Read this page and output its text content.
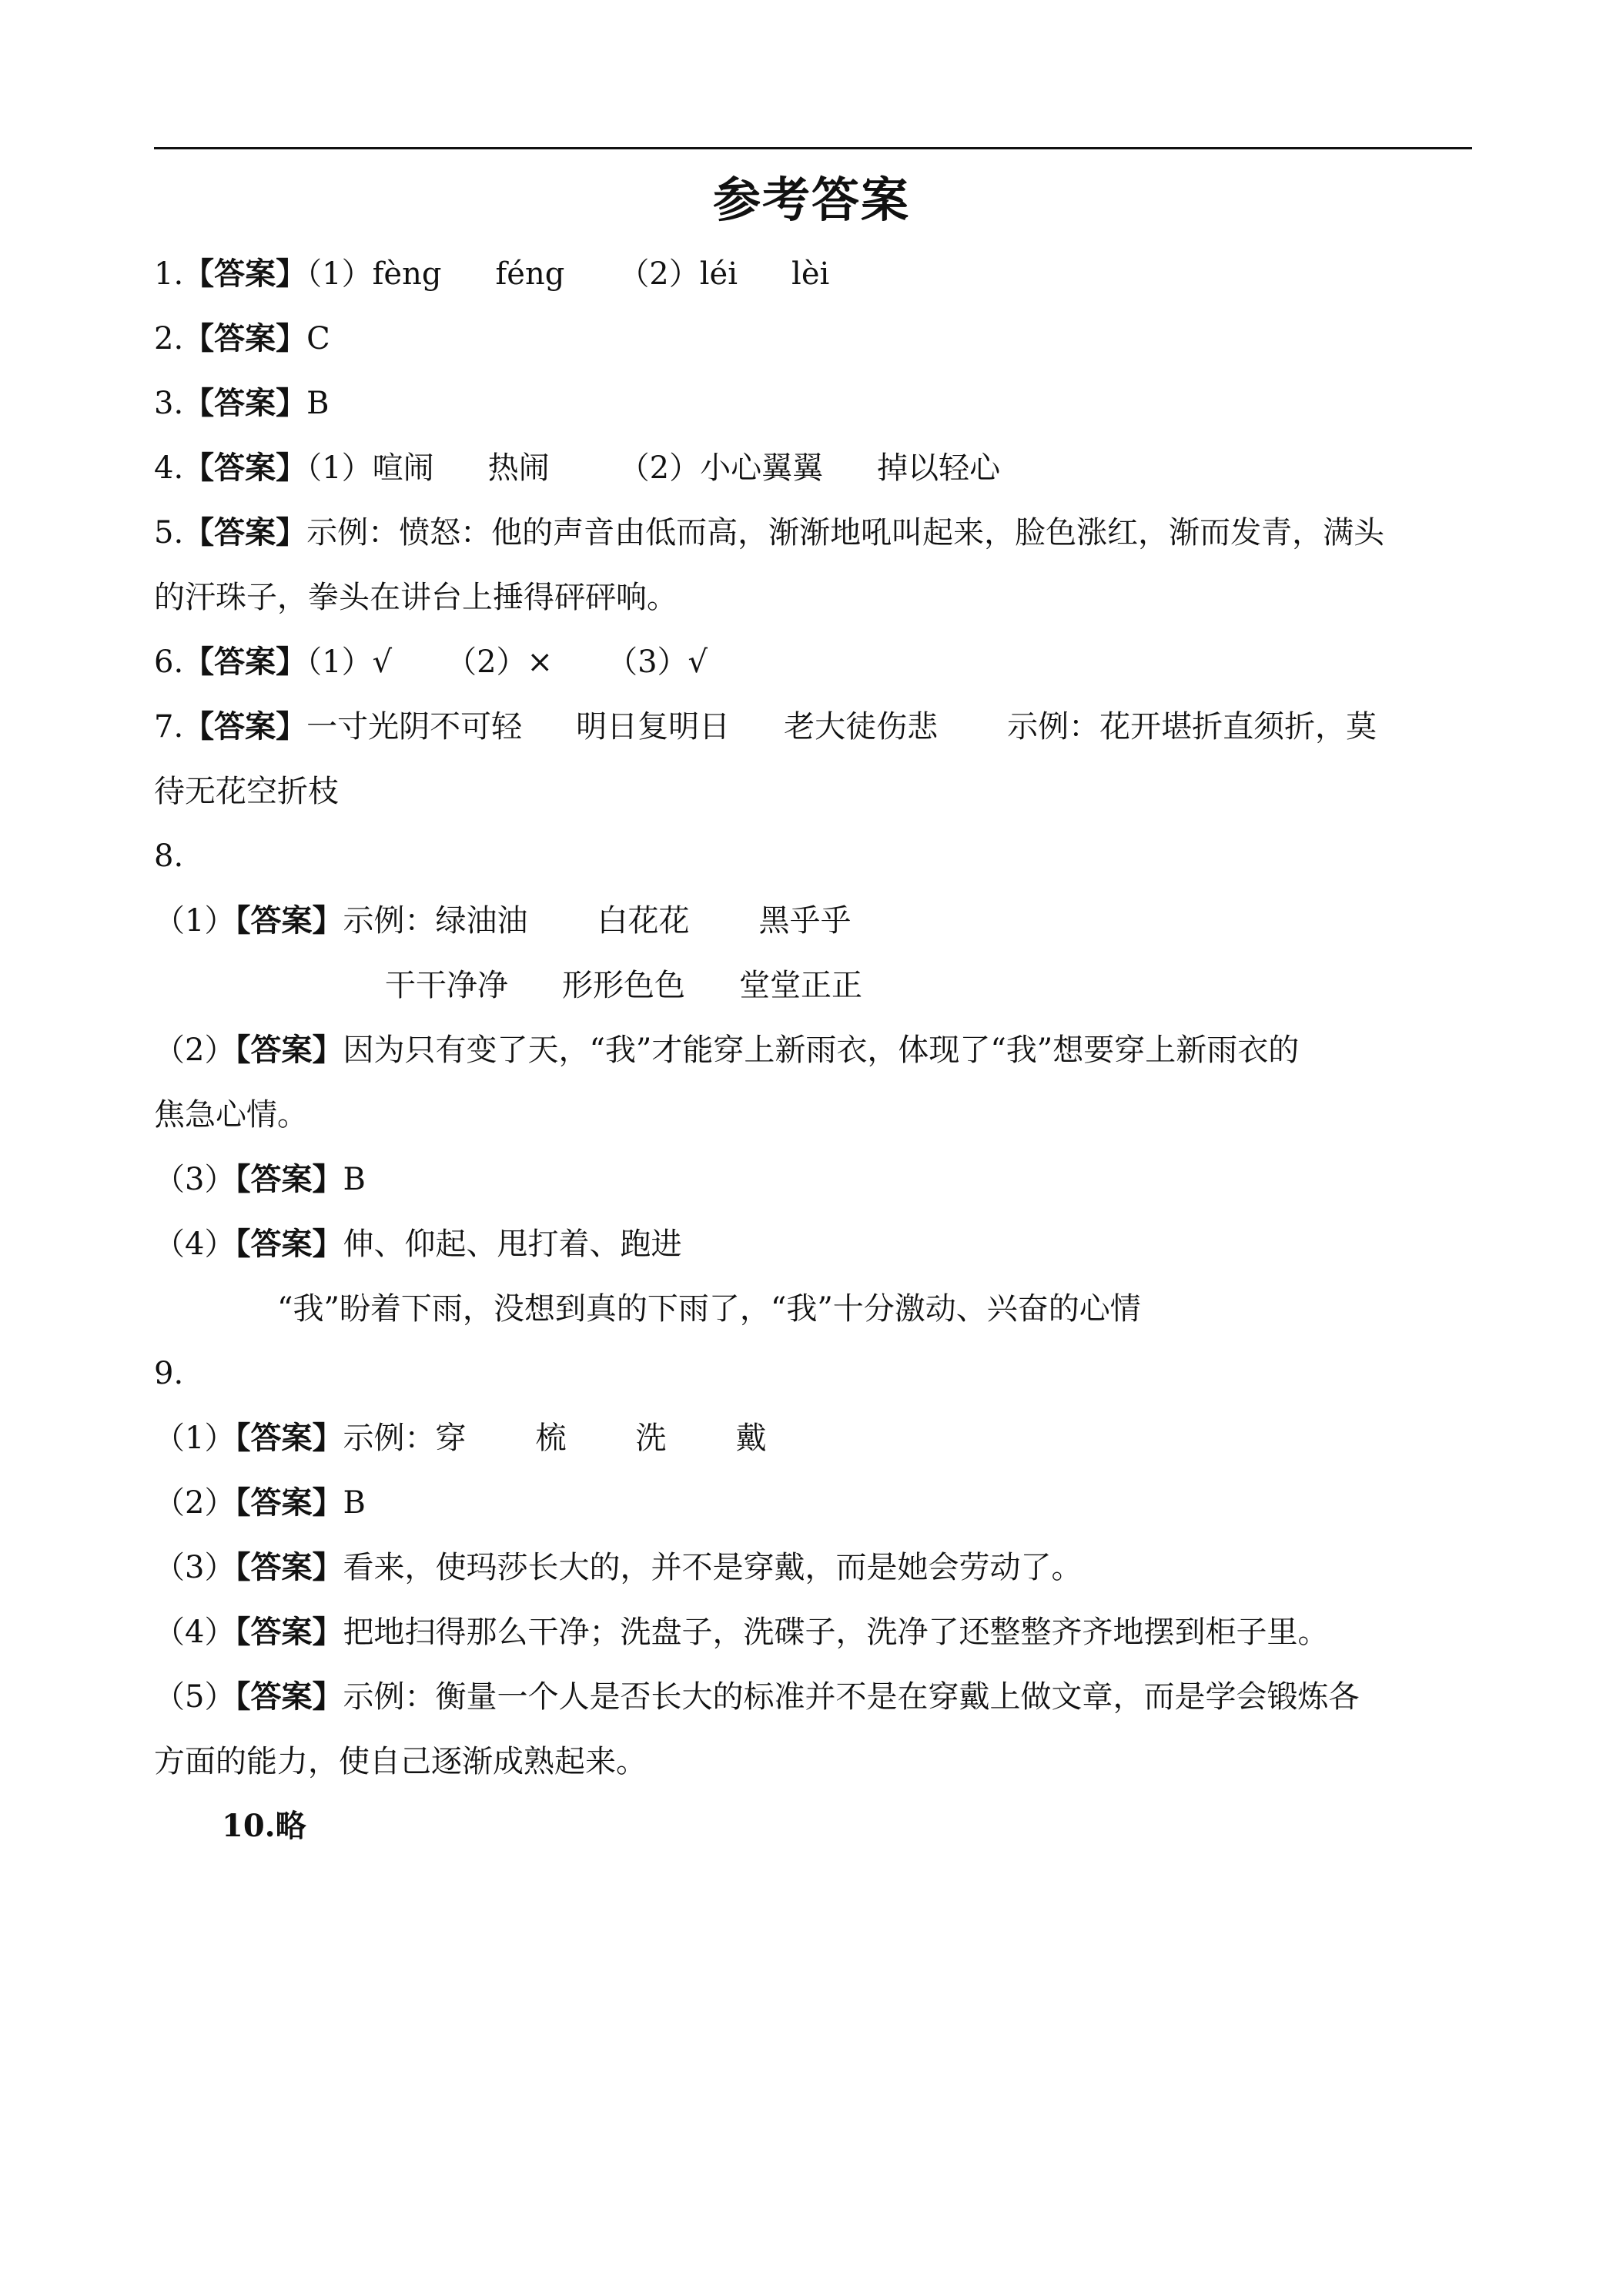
参考答案
1.【答案】（1）fèng féng （2）léi lèi
2.【答案】C
3.【答案】B
4.【答案】（1）喧闹 热闹 （2）小心翼翼 掉以轻心
5.【答案】示例：愤怒：他的声音由低而高，渐渐地吼叫起来，脸色涨红，渐而发青，满头
的汗珠子，拳头在讲台上捶得砰砰响。
6.【答案】（1）√ （2）× （3）√
7.【答案】一寸光阴不可轻 明日复明日 老大徒伤悲 示例：花开堪折直须折，莫
待无花空折枝
8.
（1）【答案】示例：绿油油 白花花 黑乎乎
干干净净 形形色色 堂堂正正
（2）【答案】因为只有变了天，“我”才能穿上新雨衣，体现了“我”想要穿上新雨衣的
焦急心情。
（3）【答案】B
（4）【答案】伸、仰起、甩打着、跑进
“我”盼着下雨，没想到真的下雨了，“我”十分激动、兴奋的心情
9.
（1）【答案】示例：穿 梳 洗 戴
（2）【答案】B
（3）【答案】看来，使玛莎长大的，并不是穿戴，而是她会劳动了。
（4）【答案】把地扫得那么干净；洗盘子，洗碟子，洗净了还整整齐齐地摆到柜子里。
（5）【答案】示例：衡量一个人是否长大的标准并不是在穿戴上做文章，而是学会锻炼各
方面的能力，使自己逐渐成熟起来。
10.略
